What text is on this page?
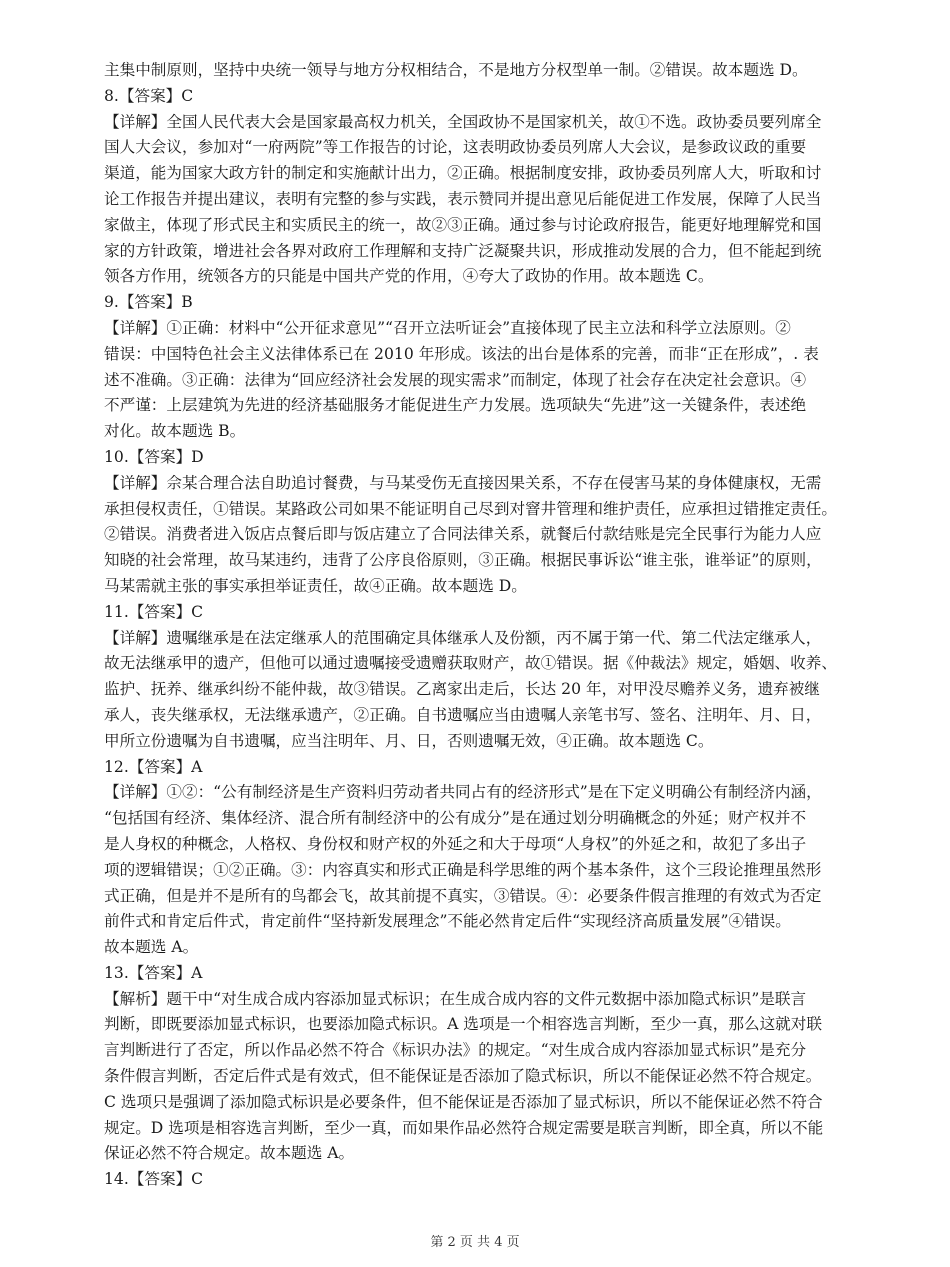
主集中制原则，坚持中央统一领导与地方分权相结合，不是地方分权型单一制。②错误。故本题选 D。
8.【答案】C
【详解】全国人民代表大会是国家最高权力机关，全国政协不是国家机关，故①不选。政协委员要列席全
国人大会议，参加对“一府两院”等工作报告的讨论，这表明政协委员列席人大会议，是参政议政的重要
渠道，能为国家大政方针的制定和实施献计出力，②正确。根据制度安排，政协委员列席人大，听取和讨
论工作报告并提出建议，表明有完整的参与实践，表示赞同并提出意见后能促进工作发展，保障了人民当
家做主，体现了形式民主和实质民主的统一，故②③正确。通过参与讨论政府报告，能更好地理解党和国
家的方针政策，增进社会各界对政府工作理解和支持广泛凝聚共识，形成推动发展的合力，但不能起到统
领各方作用，统领各方的只能是中国共产党的作用，④夸大了政协的作用。故本题选 C。
9.【答案】B
【详解】①正确：材料中“公开征求意见”“召开立法听证会”直接体现了民主立法和科学立法原则。②
错误：中国特色社会主义法律体系已在 2010 年形成。该法的出台是体系的完善，而非“正在形成”，. 表
述不准确。③正确：法律为“回应经济社会发展的现实需求”而制定，体现了社会存在决定社会意识。④
不严谨：上层建筑为先进的经济基础服务才能促进生产力发展。选项缺失“先进”这一关键条件，表述绝
对化。故本题选 B。
10.【答案】D
【详解】佘某合理合法自助追讨餐费，与马某受伤无直接因果关系，不存在侵害马某的身体健康权，无需
承担侵权责任，①错误。某路政公司如果不能证明自己尽到对窨井管理和维护责任，应承担过错推定责任。
②错误。消费者进入饭店点餐后即与饭店建立了合同法律关系，就餐后付款结账是完全民事行为能力人应
知晓的社会常理，故马某违约，违背了公序良俗原则，③正确。根据民事诉讼“谁主张，谁举证”的原则，
马某需就主张的事实承担举证责任，故④正确。故本题选 D。
11.【答案】C
【详解】遗嘱继承是在法定继承人的范围确定具体继承人及份额，丙不属于第一代、第二代法定继承人，
故无法继承甲的遗产，但他可以通过遗嘱接受遗赠获取财产，故①错误。据《仲裁法》规定，婚姻、收养、
监护、抚养、继承纠纷不能仲裁，故③错误。乙离家出走后，长达 20 年，对甲没尽赡养义务，遗弃被继
承人，丧失继承权，无法继承遗产，②正确。自书遗嘱应当由遗嘱人亲笔书写、签名、注明年、月、日，
甲所立份遗嘱为自书遗嘱，应当注明年、月、日，否则遗嘱无效，④正确。故本题选 C。
12.【答案】A
【详解】①②：“公有制经济是生产资料归劳动者共同占有的经济形式”是在下定义明确公有制经济内涵，
“包括国有经济、集体经济、混合所有制经济中的公有成分”是在通过划分明确概念的外延；财产权并不
是人身权的种概念，人格权、身份权和财产权的外延之和大于母项“人身权”的外延之和，故犯了多出子
项的逻辑错误；①②正确。③：内容真实和形式正确是科学思维的两个基本条件，这个三段论推理虽然形
式正确，但是并不是所有的鸟都会飞，故其前提不真实，③错误。④：必要条件假言推理的有效式为否定
前件式和肯定后件式，肯定前件“坚持新发展理念”不能必然肯定后件“实现经济高质量发展”④错误。
故本题选 A。
13.【答案】A
【解析】题干中“对生成合成内容添加显式标识；在生成合成内容的文件元数据中添加隐式标识”是联言
判断，即既要添加显式标识，也要添加隐式标识。A 选项是一个相容选言判断，至少一真，那么这就对联
言判断进行了否定，所以作品必然不符合《标识办法》的规定。“对生成合成内容添加显式标识”是充分
条件假言判断，否定后件式是有效式，但不能保证是否添加了隐式标识，所以不能保证必然不符合规定。
C 选项只是强调了添加隐式标识是必要条件，但不能保证是否添加了显式标识，所以不能保证必然不符合
规定。D 选项是相容选言判断，至少一真，而如果作品必然符合规定需要是联言判断，即全真，所以不能
保证必然不符合规定。故本题选 A。
14.【答案】C
第 2 页 共 4 页
